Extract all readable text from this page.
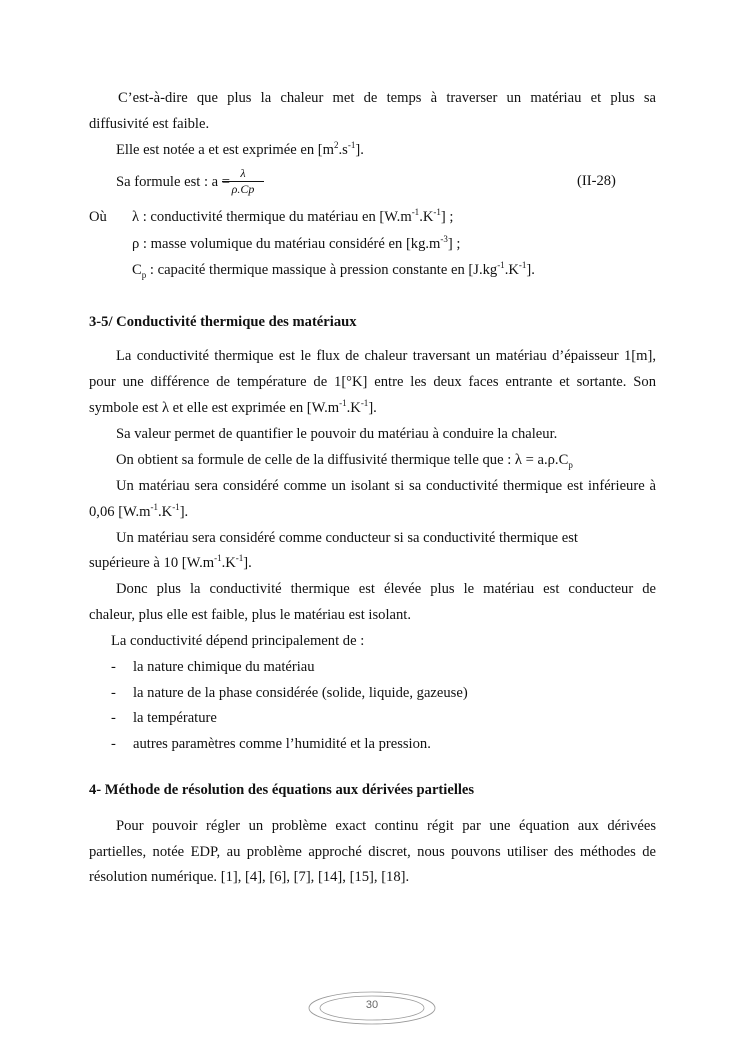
C’est-à-dire que plus la chaleur met de temps à traverser un matériau et plus sa
diffusivité est faible.
Elle est notée a et est exprimée en $[m^2.s^{-1}]$.
Sa formule est : a =
$\frac{\lambda}{\rho.Cp}$	(II-28)
Où λ : conductivité thermique du matériau en $[W.m^{-1}.K^{-1}]$ ;
ρ : masse volumique du matériau considéré en $[kg.m^{-3}]$ ;
$C_p$ : capacité thermique massique à pression constante en $[J.kg^{-1}.K^{-1}]$.
3-5/ Conductivité thermique des matériaux
La conductivité thermique est le flux de chaleur traversant un matériau d’épaisseur 1[m],
pour une différence de température de 1[°K] entre les deux faces entrante et sortante. Son
symbole est λ et elle est exprimée en $[W.m^{-1}.K^{-1}]$.
Sa valeur permet de quantifier le pouvoir du matériau à conduire la chaleur.
On obtient sa formule de celle de la diffusivité thermique telle que : $\lambda = a.\rho.C_p$
Un matériau sera considéré comme un isolant si sa conductivité thermique est inférieure à
0,06 $[W.m^{-1}.K^{-1}]$.
Un matériau sera considéré comme conducteur si sa conductivité thermique est
supérieure à 10 $[W.m^{-1}.K^{-1}]$.
Donc plus la conductivité thermique est élevée plus le matériau est conducteur de
chaleur, plus elle est faible, plus le matériau est isolant.
La conductivité dépend principalement de :
- la nature chimique du matériau
- la nature de la phase considérée (solide, liquide, gazeuse)
- la température
- autres paramètres comme l’humidité et la pression.
4- Méthode de résolution des équations aux dérivées partielles
Pour pouvoir régler un problème exact continu régit par une équation aux dérivées
partielles, notée EDP, au problème approché discret, nous pouvons utiliser des méthodes de
résolution numérique. [1], [4], [6], [7], [14], [15], [18].
30
